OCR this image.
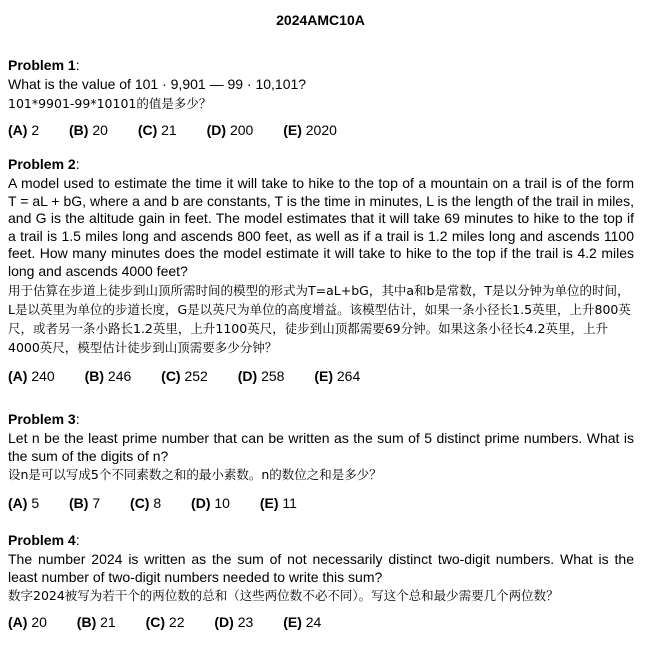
2024AMC10A
Problem 1:

What is the value of 101 · 9,901 — 99 · 10,101?

101*9901-99*10101的值是多少？

(A) 2 (B) 20 (C) 21 (D) 200 (E) 2020
Problem 2:

A model used to estimate the time it will take to hike to the top of a mountain on a trail is of the form T = aL + bG, where a and b are constants, T is the time in minutes, L is the length of the trail in miles, and G is the altitude gain in feet. The model estimates that it will take 69 minutes to hike to the top if a trail is 1.5 miles long and ascends 800 feet, as well as if a trail is 1.2 miles long and ascends 1100 feet. How many minutes does the model estimate it will take to hike to the top if the trail is 4.2 miles long and ascends 4000 feet?

用于估算在步道上徒步到山顶所需时间的模型的形式为T=aL+bG，其中a和b是常数，T是以分钟为单位的时间，L是以英里为单位的步道长度，G是以英尺为单位的高度增益。该模型估计，如果一条小径长1.5英里，上升800英尺，或者另一条小路长1.2英里，上升1100英尺，徒步到山顶都需要69分钟。如果这条小径长4.2英里，上升4000英尺，模型估计徒步到山顶需要多少分钟？

(A) 240 (B) 246 (C) 252 (D) 258 (E) 264
Problem 3:

Let n be the least prime number that can be written as the sum of 5 distinct prime numbers. What is the sum of the digits of n?

设n是可以写成5个不同素数之和的最小素数。n的数位之和是多少？

(A) 5 (B) 7 (C) 8 (D) 10 (E) 11
Problem 4:

The number 2024 is written as the sum of not necessarily distinct two-digit numbers. What is the least number of two-digit numbers needed to write this sum?

数字2024被写为若干个的两位数的总和（这些两位数不必不同）。写这个总和最少需要几个两位数？

(A) 20 (B) 21 (C) 22 (D) 23 (E) 24
